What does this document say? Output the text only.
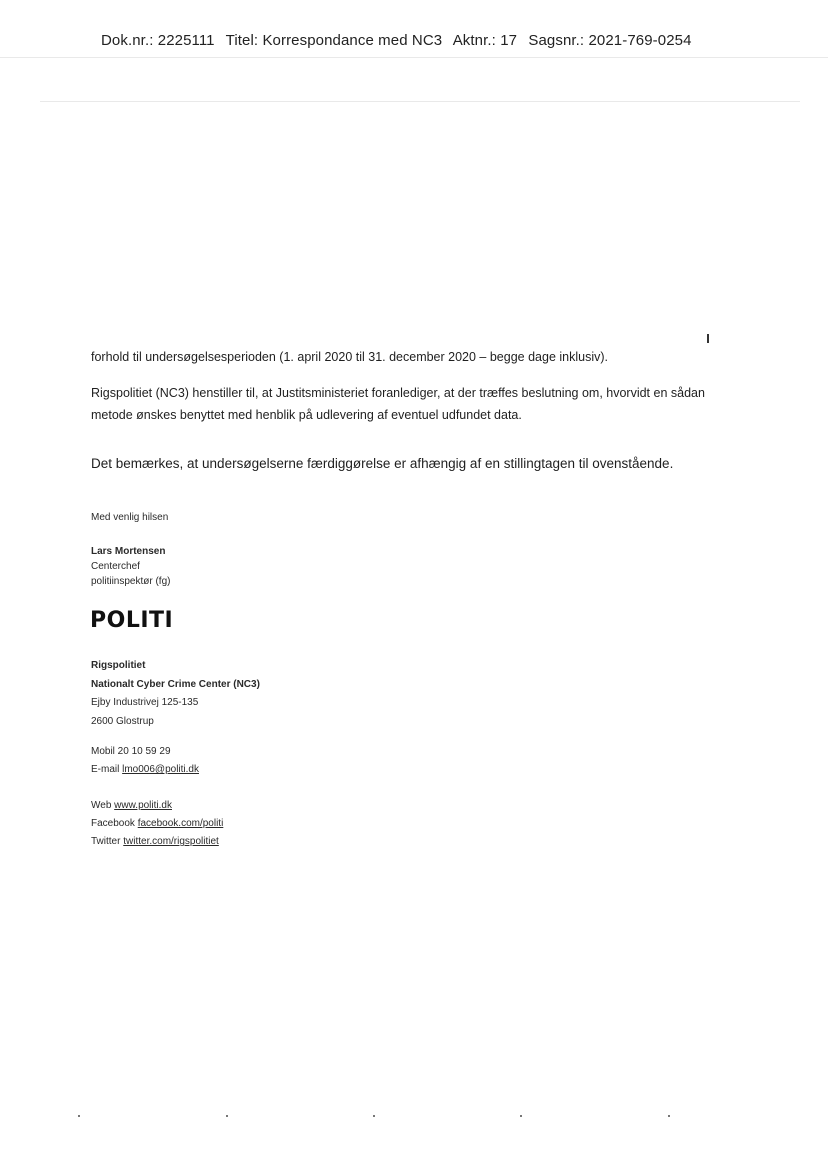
Dok.nr.: 2225111 Titel: Korrespondance med NC3 Aktnr.: 17 Sagsnr.: 2021-769-0254

forhold til undersøgelsesperioden (1. april 2020 til 31. december 2020 – begge dage inklusiv).

Rigspolitiet (NC3) henstiller til, at Justitsministeriet foranlediger, at der træffes beslutning om, hvorvidt en sådan metode ønskes benyttet med henblik på udlevering af eventuel udfundet data.

Det bemærkes, at undersøgelserne færdiggørelse er afhængig af en stillingtagen til ovenstående.

Med venlig hilsen
Lars Mortensen
Centerchef
politiinspektør (fg)
POLITI
Rigspolitiet
Nationalt Cyber Crime Center (NC3)
Ejby Industrivej 125-135
2600 Glostrup
Mobil 20 10 59 29
E-mail lmo006@politi.dk
Web www.politi.dk
Facebook facebook.com/politi
Twitter twitter.com/rigspolitiet
